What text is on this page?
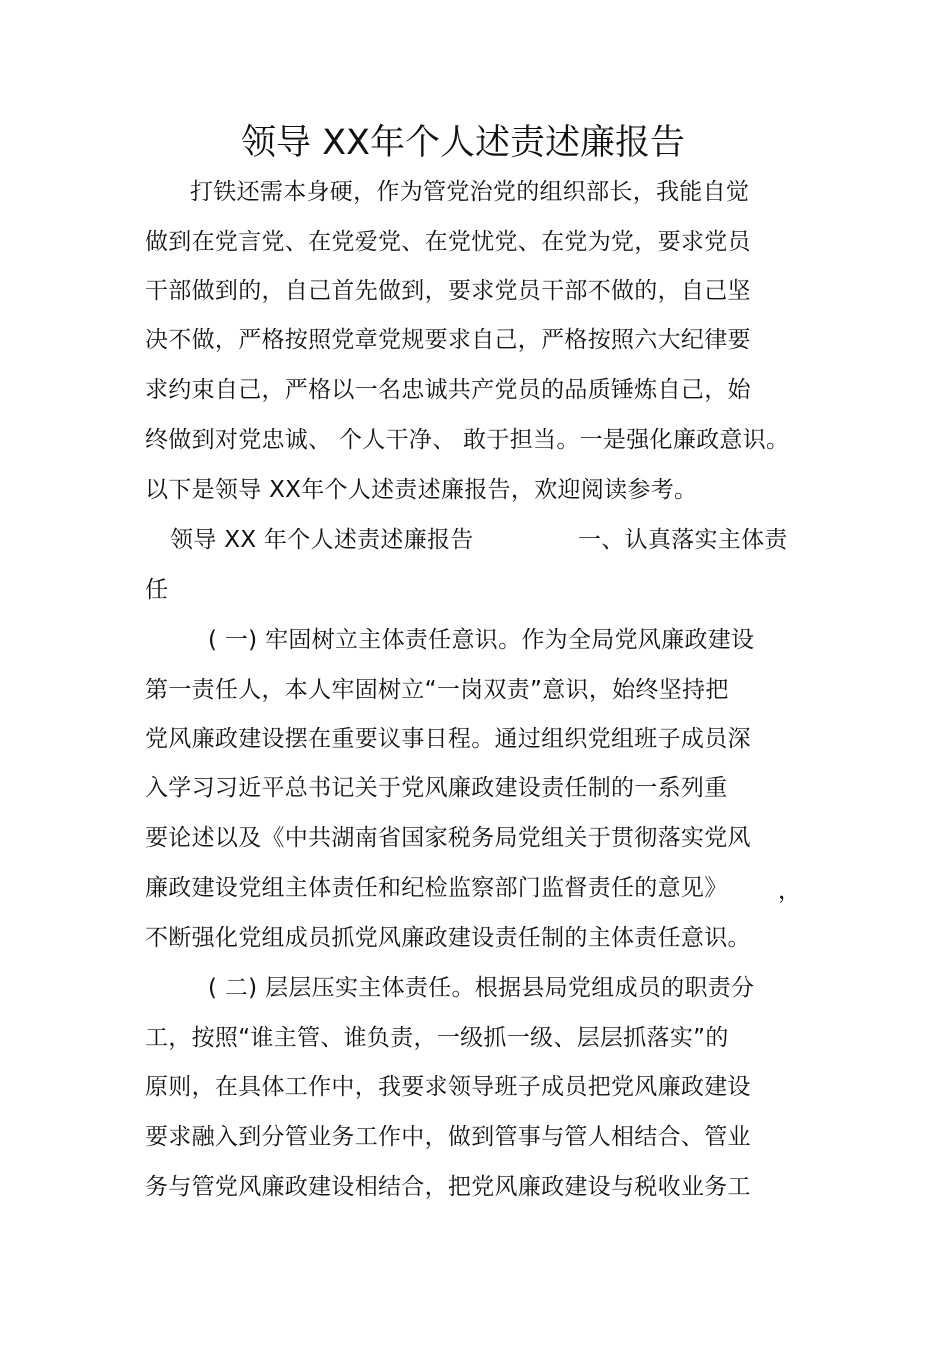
领导 XX年个人述责述廉报告
打铁还需本身硬，作为管党治党的组织部长，我能自觉
做到在党言党、在党爱党、在党忧党、在党为党，要求党员
干部做到的，自己首先做到，要求党员干部不做的，自己坚
决不做，严格按照党章党规要求自己，严格按照六大纪律要
求约束自己，严格以一名忠诚共产党员的品质锤炼自己，始
终做到对党忠诚、 个人干净、 敢于担当。一是强化廉政意识。
以下是领导 XX年个人述责述廉报告，欢迎阅读参考。
领导 XX 年个人述责述廉报告	一、认真落实主体责
任
( 一) 牢固树立主体责任意识。作为全局党风廉政建设
第一责任人，本人牢固树立“一岗双责”意识，始终坚持把
党风廉政建设摆在重要议事日程。通过组织党组班子成员深
入学习习近平总书记关于党风廉政建设责任制的一系列重
要论述以及《中共湖南省国家税务局党组关于贯彻落实党风
廉政建设党组主体责任和纪检监察部门监督责任的意见》 ，
不断强化党组成员抓党风廉政建设责任制的主体责任意识。
( 二) 层层压实主体责任。根据县局党组成员的职责分
工，按照“谁主管、谁负责，一级抓一级、层层抓落实”的
原则，在具体工作中，我要求领导班子成员把党风廉政建设
要求融入到分管业务工作中，做到管事与管人相结合、管业
务与管党风廉政建设相结合，把党风廉政建设与税收业务工
